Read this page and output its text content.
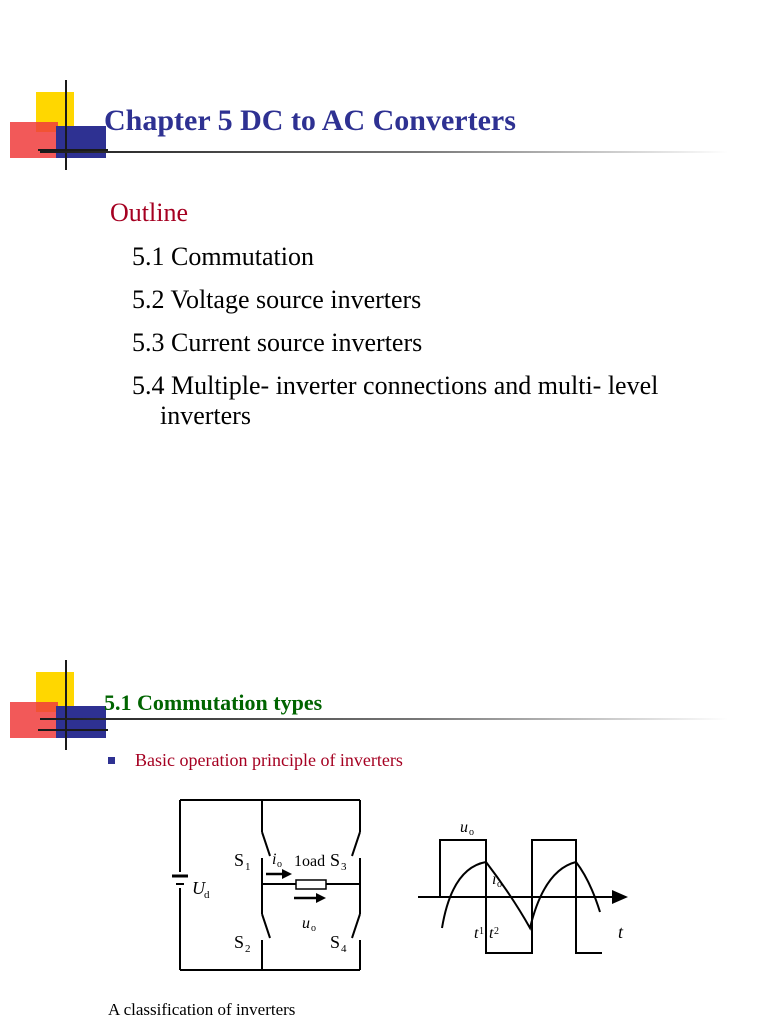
Chapter 5 DC to AC Converters
Outline
5.1 Commutation
5.2 Voltage source inverters
5.3 Current source inverters
5.4 Multiple- inverter connections and multi- level
inverters
5.1 Commutation types
Basic operation principle of inverters
U d
S 1
S 2
S 3
S 4
1oad
i o
u o
u o
i o
t 1 t 2	t
A classification of inverters
